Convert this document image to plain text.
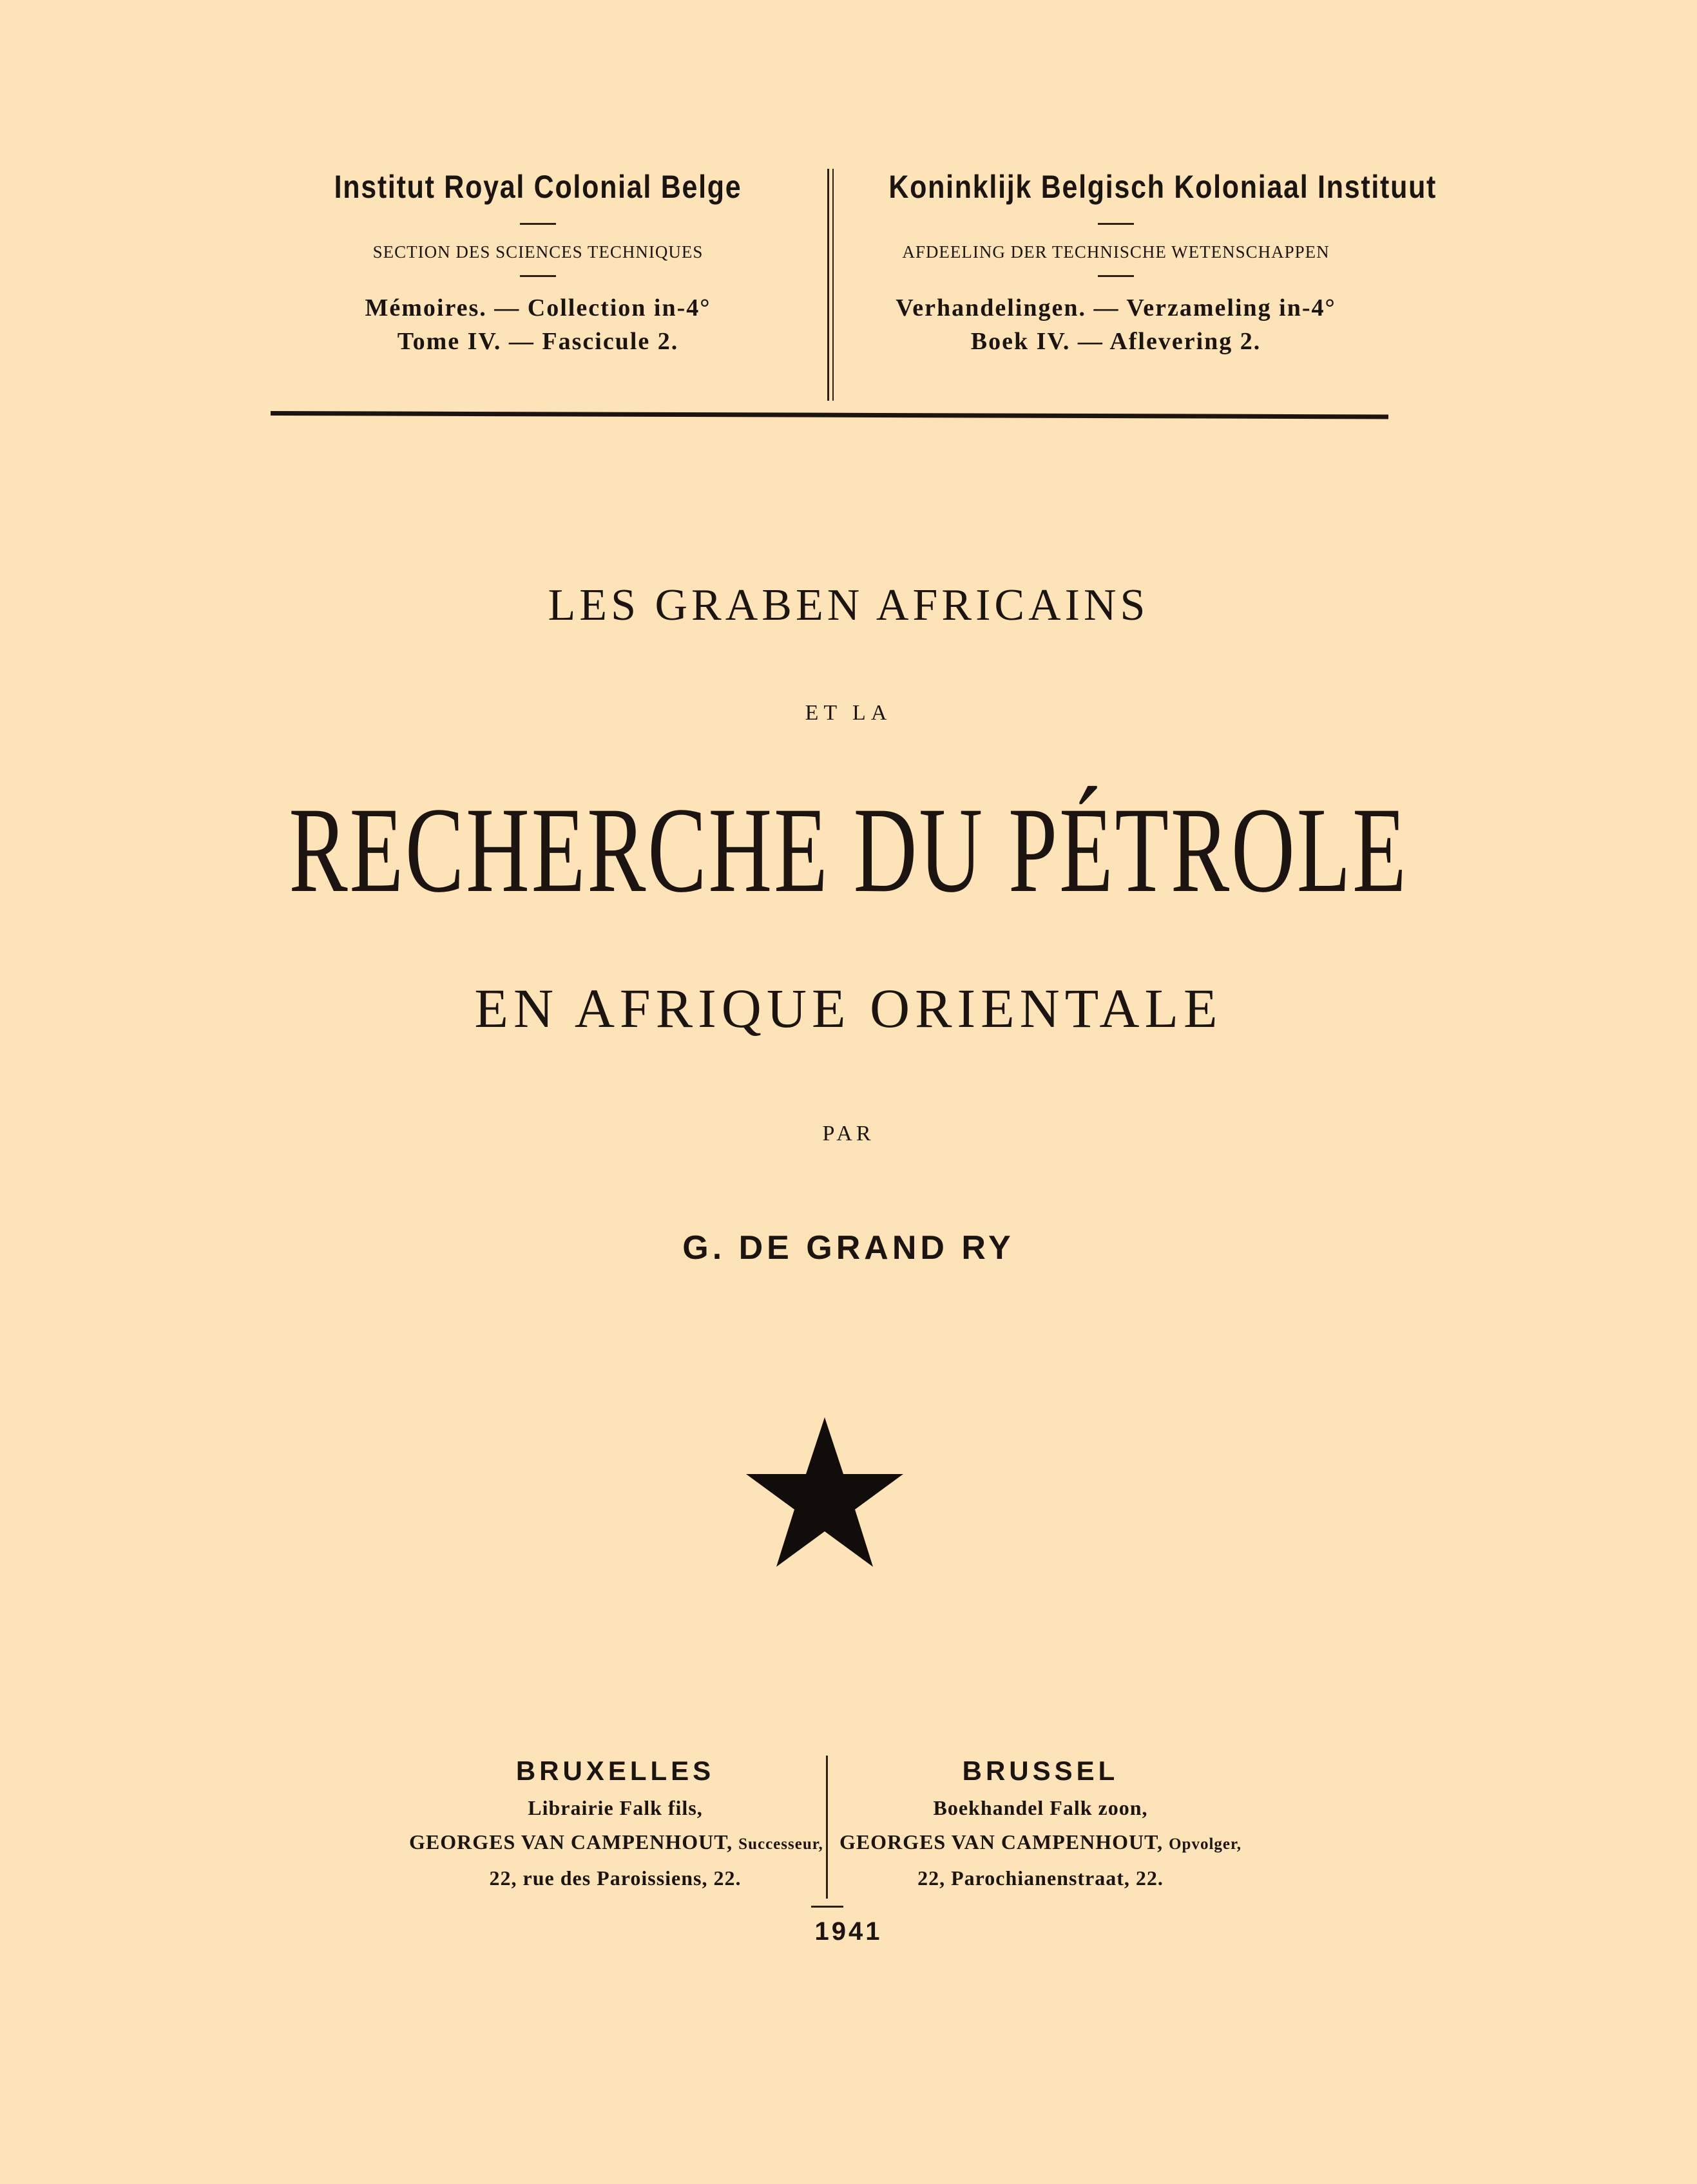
Institut Royal Colonial Belge
SECTION DES SCIENCES TECHNIQUES
Mémoires. — Collection in-4°
Tome IV. — Fascicule 2.
Koninklijk Belgisch Koloniaal Instituut
AFDEELING DER TECHNISCHE WETENSCHAPPEN
Verhandelingen. — Verzameling in-4°
Boek IV. — Aflevering 2.
LES GRABEN AFRICAINS
ET LA
RECHERCHE DU PÉTROLE
EN AFRIQUE ORIENTALE
PAR
G. DE GRAND RY
BRUXELLES
Librairie Falk fils,
GEORGES VAN CAMPENHOUT, Successeur,
22, rue des Paroissiens, 22.
BRUSSEL
Boekhandel Falk zoon,
GEORGES VAN CAMPENHOUT, Opvolger,
22, Parochianenstraat, 22.
1941
